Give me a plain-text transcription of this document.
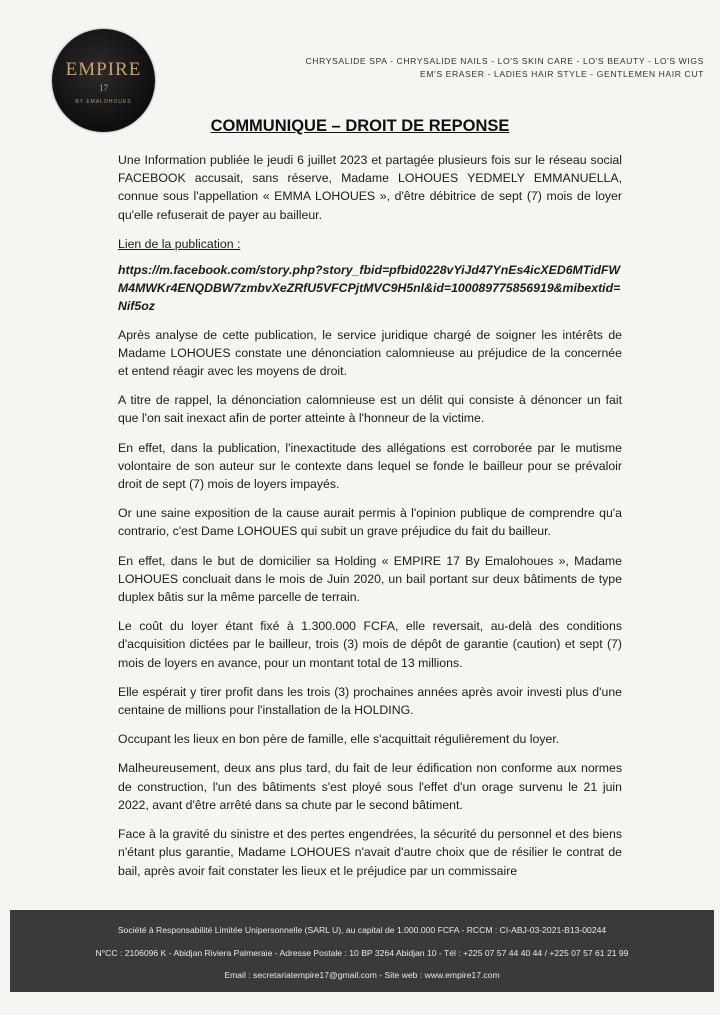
EMPIRE
17
BY EMALOHOUES
CHRYSALIDE SPA - CHRYSALIDE NAILS - LO'S SKIN CARE - LO'S BEAUTY - LO'S WIGS
EM'S ERASER - LADIES HAIR STYLE - GENTLEMEN HAIR CUT
COMMUNIQUE – DROIT DE REPONSE

Une Information publiée le jeudi 6 juillet 2023 et partagée plusieurs fois sur le réseau social FACEBOOK accusait, sans réserve, Madame LOHOUES YEDMELY EMMANUELLA, connue sous l'appellation « EMMA LOHOUES », d'être débitrice de sept (7) mois de loyer qu'elle refuserait de payer au bailleur.

Lien de la publication :

https://m.facebook.com/story.php?story_fbid=pfbid0228vYiJd47YnEs4icXED6MTidFWM4MWKr4ENQDBW7zmbvXeZRfU5VFCPjtMVC9H5nl&id=100089775856919&mibextid=Nif5oz

Après analyse de cette publication, le service juridique chargé de soigner les intérêts de Madame LOHOUES constate une dénonciation calomnieuse au préjudice de la concernée et entend réagir avec les moyens de droit.

A titre de rappel, la dénonciation calomnieuse est un délit qui consiste à dénoncer un fait que l'on sait inexact afin de porter atteinte à l'honneur de la victime.

En effet, dans la publication, l'inexactitude des allégations est corroborée par le mutisme volontaire de son auteur sur le contexte dans lequel se fonde le bailleur pour se prévaloir droit de sept (7) mois de loyers impayés.

Or une saine exposition de la cause aurait permis à l'opinion publique de comprendre qu'a contrario, c'est Dame LOHOUES qui subit un grave préjudice du fait du bailleur.

En effet, dans le but de domicilier sa Holding « EMPIRE 17 By Emalohoues », Madame LOHOUES concluait dans le mois de Juin 2020, un bail portant sur deux bâtiments de type duplex bâtis sur la même parcelle de terrain.

Le coût du loyer étant fixé à 1.300.000 FCFA, elle reversait, au-delà des conditions d'acquisition dictées par le bailleur, trois (3) mois de dépôt de garantie (caution) et sept (7) mois de loyers en avance, pour un montant total de 13 millions.

Elle espérait y tirer profit dans les trois (3) prochaines années après avoir investi plus d'une centaine de millions pour l'installation de la HOLDING.

Occupant les lieux en bon père de famille, elle s'acquittait régulièrement du loyer.

Malheureusement, deux ans plus tard, du fait de leur édification non conforme aux normes de construction, l'un des bâtiments s'est ployé sous l'effet d'un orage survenu le 21 juin 2022, avant d'être arrêté dans sa chute par le second bâtiment.

Face à la gravité du sinistre et des pertes engendrées, la sécurité du personnel et des biens n'étant plus garantie, Madame LOHOUES n'avait d'autre choix que de résilier le contrat de bail, après avoir fait constater les lieux et le préjudice par un commissaire

Société à Responsabilité Limitée Unipersonnelle (SARL U), au capital de 1.000.000 FCFA - RCCM : CI-ABJ-03-2021-B13-00244
N°CC : 2106096 K - Abidjan Riviera Palmeraie - Adresse Postale : 10 BP 3264 Abidjan 10 - Tél : +225 07 57 44 40 44 / +225 07 57 61 21 99
Email : secretariatempire17@gmail.com - Site web : www.empire17.com
